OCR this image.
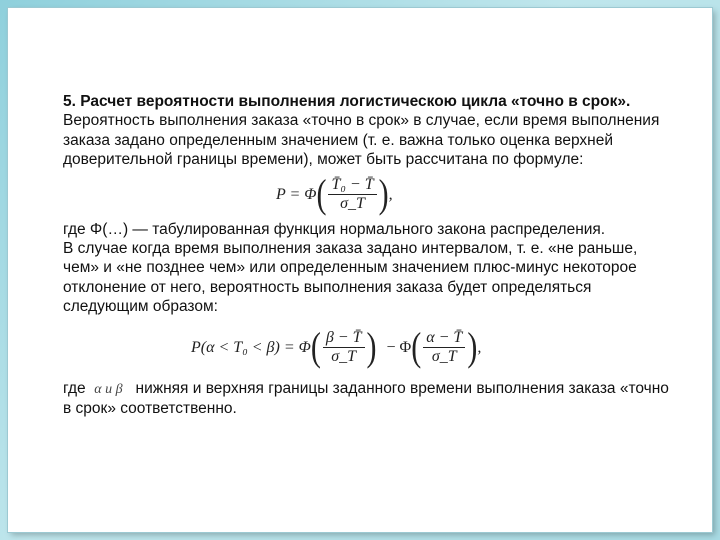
5. Расчет вероятности выполнения логистическою цикла «точно в срок». Вероятность выполнения заказа «точно в срок» в случае, если время выполнения заказа задано определенным значением (т. е. важна только оценка верхней доверительной границы времени), может быть рассчитана по формуле:

P = Φ ( $\frac{\text{T̄₀ − T̄}}{\sigma\_T}$ ) ,

где Φ(…) — табулированная функция нормального закона распределения.

В случае когда время выполнения заказа задано интервалом, т. е. «не раньше, чем» и «не позднее чем» или определенным значением плюс-минус некоторое отклонение от него, вероятность выполнения заказа будет определяться следующим образом:

P(α < T₀ < β) = Φ ( $\frac{\beta - T̄}{\sigma\_T}$ ) − Φ ( $\frac{\alpha - T̄}{\sigma\_T}$ ) ,

где α и β   нижняя и верхняя границы заданного времени выполнения заказа «точно в срок» соответственно.
